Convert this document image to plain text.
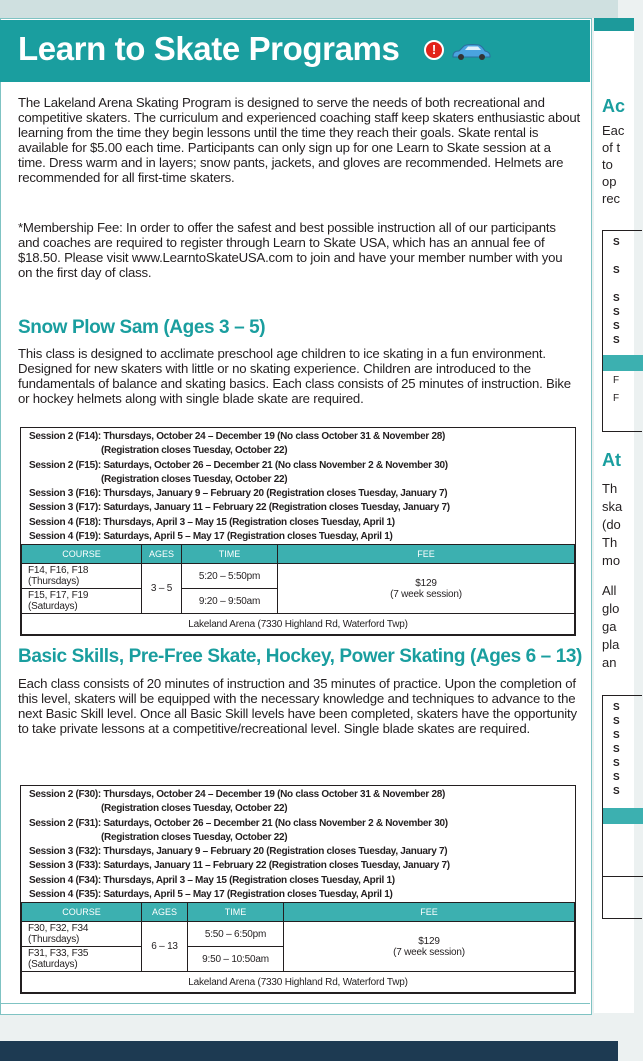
Learn to Skate Programs	!
The Lakeland Arena Skating Program is designed to serve the needs of both recreational and competitive skaters. The curriculum and experienced coaching staff keep skaters enthusiastic about learning from the time they begin lessons until the time they reach their goals. Skate rental is available for $5.00 each time. Participants can only sign up for one Learn to Skate session at a time. Dress warm and in layers; snow pants, jackets, and gloves are recommended. Helmets are recommended for all first-time skaters.
*Membership Fee: In order to offer the safest and best possible instruction all of our participants and coaches are required to register through Learn to Skate USA, which has an annual fee of $18.50. Please visit www.LearntoSkateUSA.com to join and have your member number with you on the first day of class.
Snow Plow Sam (Ages 3 – 5)
This class is designed to acclimate preschool age children to ice skating in a fun environment. Designed for new skaters with little or no skating experience. Children are introduced to the fundamentals of balance and skating basics. Each class consists of 25 minutes of instruction. Bike or hockey helmets along with single blade skate are required.
Session 2 (F14): Thursdays, October 24 – December 19 (No class October 31 & November 28)
(Registration closes Tuesday, October 22)
Session 2 (F15): Saturdays, October 26 – December 21 (No class November 2 & November 30)
(Registration closes Tuesday, October 22)
Session 3 (F16): Thursdays, January 9 – February 20 (Registration closes Tuesday, January 7)
Session 3 (F17): Saturdays, January 11 – February 22 (Registration closes Tuesday, January 7)
Session 4 (F18): Thursdays, April 3 – May 15 (Registration closes Tuesday, April 1)
Session 4 (F19): Saturdays, April 5 – May 17 (Registration closes Tuesday, April 1)
COURSE	AGES	TIME	FEE
F14, F16, F18 (Thursdays)	3 – 5	5:20 – 5:50pm	$129
(7 week session)

F15, F17, F19 (Saturdays)		9:20 – 9:50am	
Lakeland Arena (7330 Highland Rd, Waterford Twp)			
Basic Skills, Pre-Free Skate, Hockey, Power Skating (Ages 6 – 13)
Each class consists of 20 minutes of instruction and 35 minutes of practice. Upon the completion of this level, skaters will be equipped with the necessary knowledge and techniques to advance to the next Basic Skill level. Once all Basic Skill levels have been completed, skaters have the opportunity to take private lessons at a competitive/recreational level. Single blade skates are required.
Session 2 (F30): Thursdays, October 24 – December 19 (No class October 31 & November 28)
(Registration closes Tuesday, October 22)
Session 2 (F31): Saturdays, October 26 – December 21 (No class November 2 & November 30)
(Registration closes Tuesday, October 22)
Session 3 (F32): Thursdays, January 9 – February 20 (Registration closes Tuesday, January 7)
Session 3 (F33): Saturdays, January 11 – February 22 (Registration closes Tuesday, January 7)
Session 4 (F34): Thursdays, April 3 – May 15 (Registration closes Tuesday, April 1)
Session 4 (F35): Saturdays, April 5 – May 17 (Registration closes Tuesday, April 1)
COURSE	AGES	TIME	FEE
F30, F32, F34 (Thursdays)	6 – 13	5:50 – 6:50pm	$129
(7 week session)

F31, F33, F35 (Saturdays)		9:50 – 10:50am	
Lakeland Arena (7330 Highland Rd, Waterford Twp)			
Ac
Eac
of t
to
op
rec
S
S
S
S
S
S
F
F
At
Th
ska
(do
Th
mo
All
glo
ga
pla
an
S
S
S
S
S
S
S
